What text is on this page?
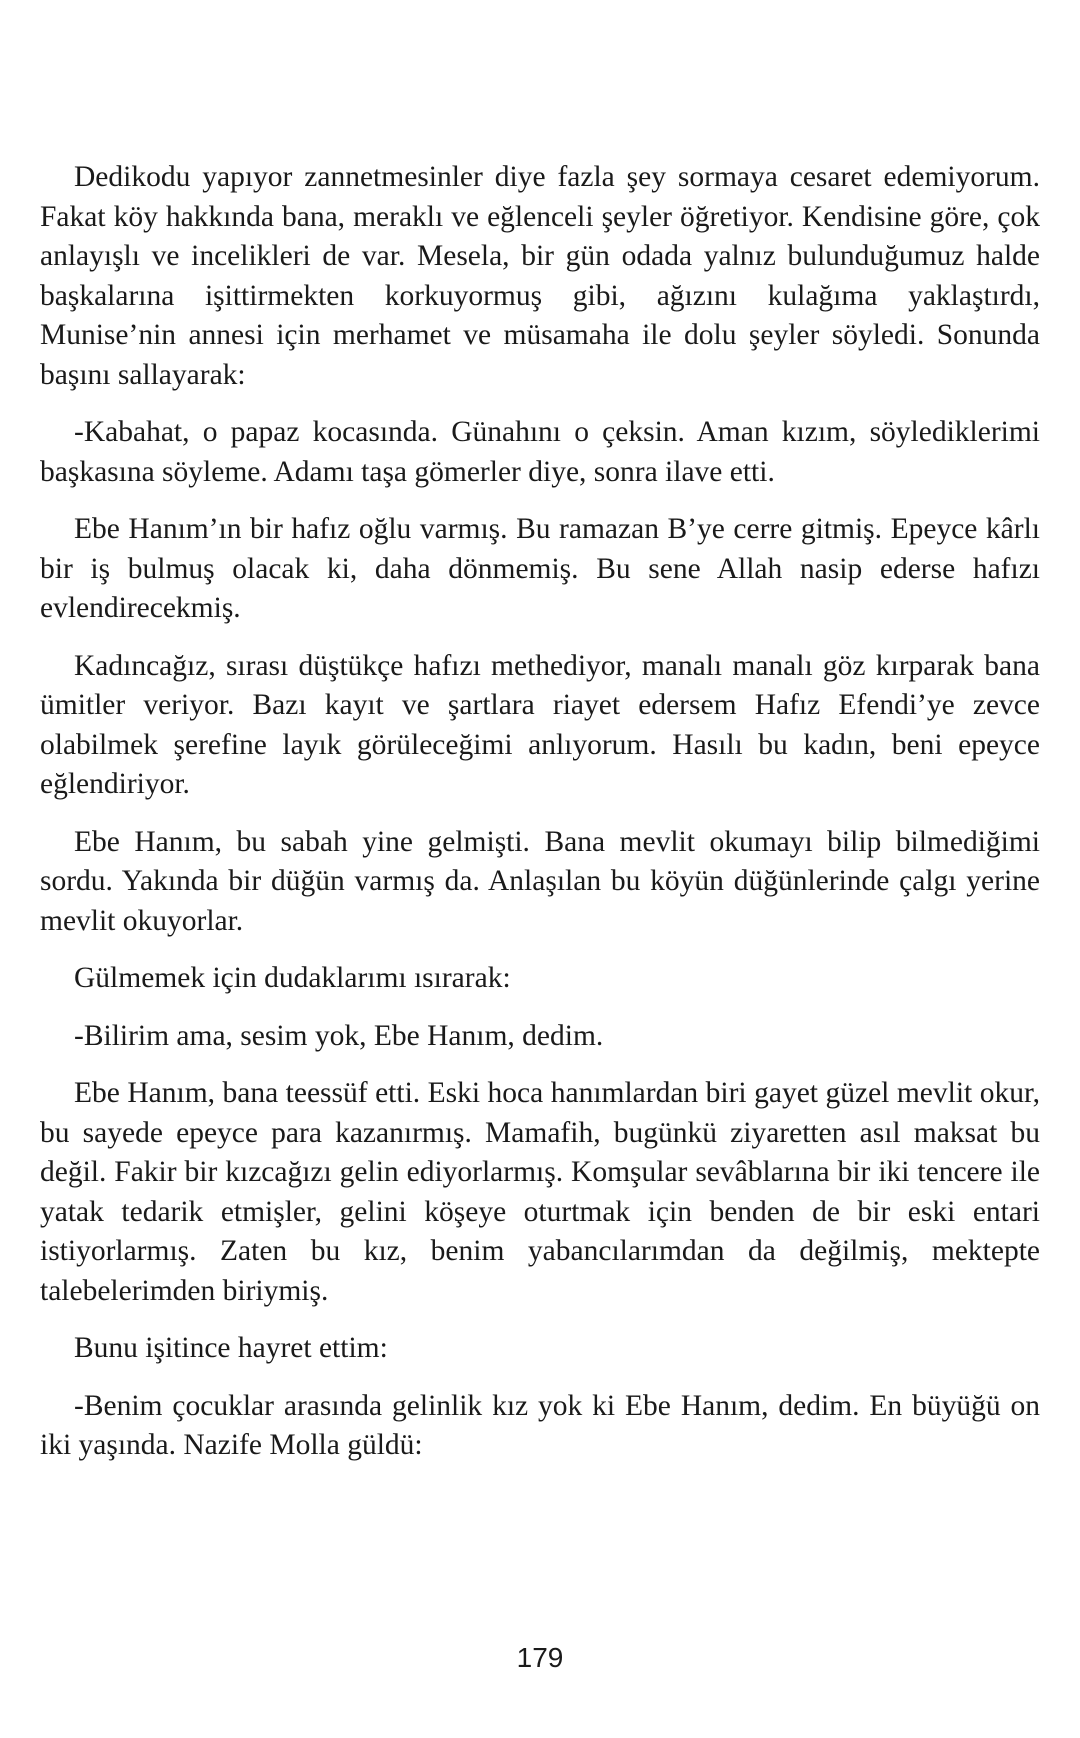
Dedikodu yapıyor zannetmesinler diye fazla şey sormaya cesaret edemiyorum. Fakat köy hakkında bana, meraklı ve eğlenceli şeyler öğretiyor. Kendisine göre, çok anlayışlı ve incelikleri de var. Mesela, bir gün odada yalnız bulunduğumuz halde başkalarına işittirmekten korkuyormuş gibi, ağızını kulağıma yaklaştırdı, Munise’nin annesi için merhamet ve müsamaha ile dolu şeyler söyledi. Sonunda başını sallayarak:

-Kabahat, o papaz kocasında. Günahını o çeksin. Aman kızım, söylediklerimi başkasına söyleme. Adamı taşa gömerler diye, sonra ilave etti.

Ebe Hanım’ın bir hafız oğlu varmış. Bu ramazan B’ye cerre gitmiş. Epeyce kârlı bir iş bulmuş olacak ki, daha dönmemiş. Bu sene Allah nasip ederse hafızı evlendirecekmiş.

Kadıncağız, sırası düştükçe hafızı methediyor, manalı manalı göz kırparak bana ümitler veriyor. Bazı kayıt ve şartlara riayet edersem Hafız Efendi’ye zevce olabilmek şerefine layık görüleceğimi anlıyorum. Hasılı bu kadın, beni epeyce eğlendiriyor.

Ebe Hanım, bu sabah yine gelmişti. Bana mevlit okumayı bilip bilmediğimi sordu. Yakında bir düğün varmış da. Anlaşılan bu köyün düğünlerinde çalgı yerine mevlit okuyorlar.

Gülmemek için dudaklarımı ısırarak:

-Bilirim ama, sesim yok, Ebe Hanım, dedim.

Ebe Hanım, bana teessüf etti. Eski hoca hanımlardan biri gayet güzel mevlit okur, bu sayede epeyce para kazanırmış. Mamafih, bugünkü ziyaretten asıl maksat bu değil. Fakir bir kızcağızı gelin ediyorlarmış. Komşular sevâblarına bir iki tencere ile yatak tedarik etmişler, gelini köşeye oturtmak için benden de bir eski entari istiyorlarmış. Zaten bu kız, benim yabancılarımdan da değilmiş, mektepte talebelerimden biriymiş.

Bunu işitince hayret ettim:

-Benim çocuklar arasında gelinlik kız yok ki Ebe Hanım, dedim. En büyüğü on iki yaşında. Nazife Molla güldü:

179
